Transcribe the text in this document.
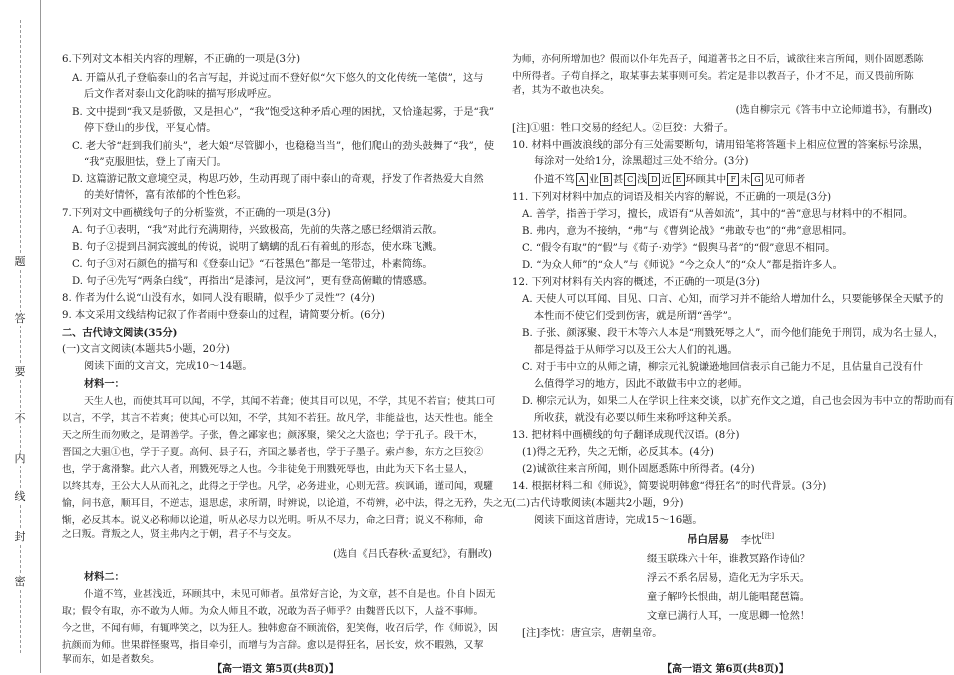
题
答
要
不
内
线
封
密
6.下列对文本相关内容的理解，不正确的一项是(3分)
A. 开篇从孔子登临泰山的名言写起，并说过而不登好似“欠下悠久的文化传统一笔债”，这与
后文作者对泰山文化韵味的描写形成呼应。
B. 文中提到“我又是骄傲，又是担心”，“我”饱受这种矛盾心理的困扰，又恰逢起雾，于是“我”
停下登山的步伐，平复心情。
C. 老大爷“赶到我们前头”，老大娘“尽管脚小，也稳稳当当”，他们爬山的劲头鼓舞了“我”，使
“我”克服胆怯，登上了南天门。
D. 这篇游记散文意境空灵，构思巧妙，生动再现了雨中泰山的奇观，抒发了作者热爱大自然
的美好情怀，富有浓郁的个性色彩。
7.下列对文中画横线句子的分析鉴赏，不正确的一项是(3分)
A. 句子①表明，“我”对此行充满期待，兴致极高，先前的失落之感已经烟消云散。
B. 句子②提到吕洞宾渡虬的传说，说明了螭螭的乱石有着虬的形态，使水珠飞溅。
C. 句子③对石颜色的描写和《登泰山记》“石苍黑色”都是一笔带过，朴素简练。
D. 句子④先写“两条白线”，再指出“是漆河，是汶河”，更有登高俯瞰的情感感。
8. 作者为什么说“山没有水，如同人没有眼睛，似乎少了灵性”？(4分)
9. 本文采用文线结构记叙了作者雨中登泰山的过程，请简要分析。(6分)
二、古代诗文阅读(35分)
(一)文言文阅读(本题共5小题，20分)
阅读下面的文言文，完成10～14题。
材料一：
天生人也，而使其耳可以闻，不学，其闻不若聋；使其目可以见，不学，其见不若盲；使其口可
以言，不学，其言不若爽；使其心可以知，不学，其知不若狂。故凡学，非能益也，达天性也。能全
天之所生而勿败之，是谓善学。子张，鲁之鄙家也；颜涿聚，梁父之大盗也；学于孔子。段干木，
晋国之大驵①也，学于子夏。高何、县子石，齐国之暴者也，学于子墨子。索卢参，东方之巨狡②
也，学于禽滑黎。此六人者，刑戮死辱之人也。今非徒免于刑戮死辱也，由此为天下名士显人，
以终其寿，王公大人从而礼之，此得之于学也。凡学，必务进业，心则无营。疾讽诵，谨司闻，观驩
愉，问书意，顺耳目，不逆志，退思虑，求所谓，时辨说，以论道，不苟辨，必中法，得之无矜，失之无
惭，必反其本。说义必称师以论道，听从必尽力以光明。听从不尽力，命之曰背；说义不称师，命之曰叛。背叛之人，贤主弗内之于朝，君子不与交友。
(选自《吕氏春秋·孟夏纪》，有删改)
材料二：
仆道不笃，业甚浅近，环顾其中，未见可师者。虽常好言论，为文章，甚不自是也。仆自卜固无
取；假令有取，亦不敢为人师。为众人师且不敢，况敢为吾子师乎？由魏晋氏以下，人益不事师。
今之世，不闻有师，有辄哗笑之，以为狂人。独韩愈奋不顾流俗，犯笑侮，收召后学，作《师说》，因
抗颜而为师。世果群怪聚骂，指目牵引，而增与为言辞。愈以是得狂名，居长安，炊不暇熟，又挈挈而东，如是者数矣。
【高一语文 第5页(共8页)】
为师，亦何所增加也？假而以仆年先吾子，闻道著书之日不后，诚欲往来言所闻，则仆固愿悉陈
中所得者。子苟自择之，取某事去某事则可矣。若定是非以教吾子，仆才不足，而又畏前所陈者，其为不敢也决矣。
(选自柳宗元《答韦中立论师道书》，有删改)
[注]①驵：牲口交易的经纪人。②巨狡：大猾子。
10. 材料中画波浪线的部分有三处需要断句，请用铅笔将答题卡上相应位置的答案标号涂黑，
每涂对一处给1分，涂黑超过三处不给分。(3分)
仆道不笃 A 业 B 甚 C 浅 D 近 E 环顾其中 F 未 G 见可师者
11. 下列对材料中加点的词语及相关内容的解说，不正确的一项是(3分)
A. 善学，指善于学习，擅长，成语有“从善如流”，其中的“善”意思与材料中的不相同。
B. 弗内，意为不接纳，“弗”与《曹刿论战》“弗敢专也”的“弗”意思相同。
C. “假令有取”的“假”与《荀子·劝学》“假舆马者”的“假”意思不相同。
D. “为众人师”的“众人”与《师说》“今之众人”的“众人”都是指许多人。
12. 下列对材料有关内容的概述，不正确的一项是(3分)
A. 天使人可以耳闻、目见、口言、心知，而学习并不能给人增加什么，只要能够保全天赋予的
本性而不使它们受到伤害，就是所谓“善学”。
B. 子张、颜涿聚、段干木等六人本是“刑戮死辱之人”，而今他们能免于刑罚，成为名士显人，
都是得益于从师学习以及王公大人们的礼遇。
C. 对于韦中立的从师之请，柳宗元礼貌谦逊地回信表示自己能力不足，且估量自己没有什
么值得学习的地方，因此不敢做韦中立的老师。
D. 柳宗元认为，如果二人在学识上往来交谈，以扩充作文之道，自己也会因为韦中立的帮助而有
所收获，就没有必要以师生来称呼这种关系。
13. 把材料中画横线的句子翻译成现代汉语。(8分)
(1)得之无矜，失之无惭，必反其本。(4分)
(2)诚欲往来言所闻，则仆固愿悉陈中所得者。(4分)
14. 根据材料二和《师说》，简要说明韩愈“得狂名”的时代背景。(3分)
(二)古代诗歌阅读(本题共2小题，9分)
阅读下面这首唐诗，完成15～16题。
吊白居易 李忱[注]
缀玉联珠六十年，谁教冥路作诗仙？
浮云不系名居易，造化无为字乐天。
童子解吟长恨曲，胡儿能唱琵琶篇。
文章已满行人耳，一度思卿一怆然！
[注]李忱：唐宣宗，唐朝皇帝。
【高一语文 第6页(共8页)】
